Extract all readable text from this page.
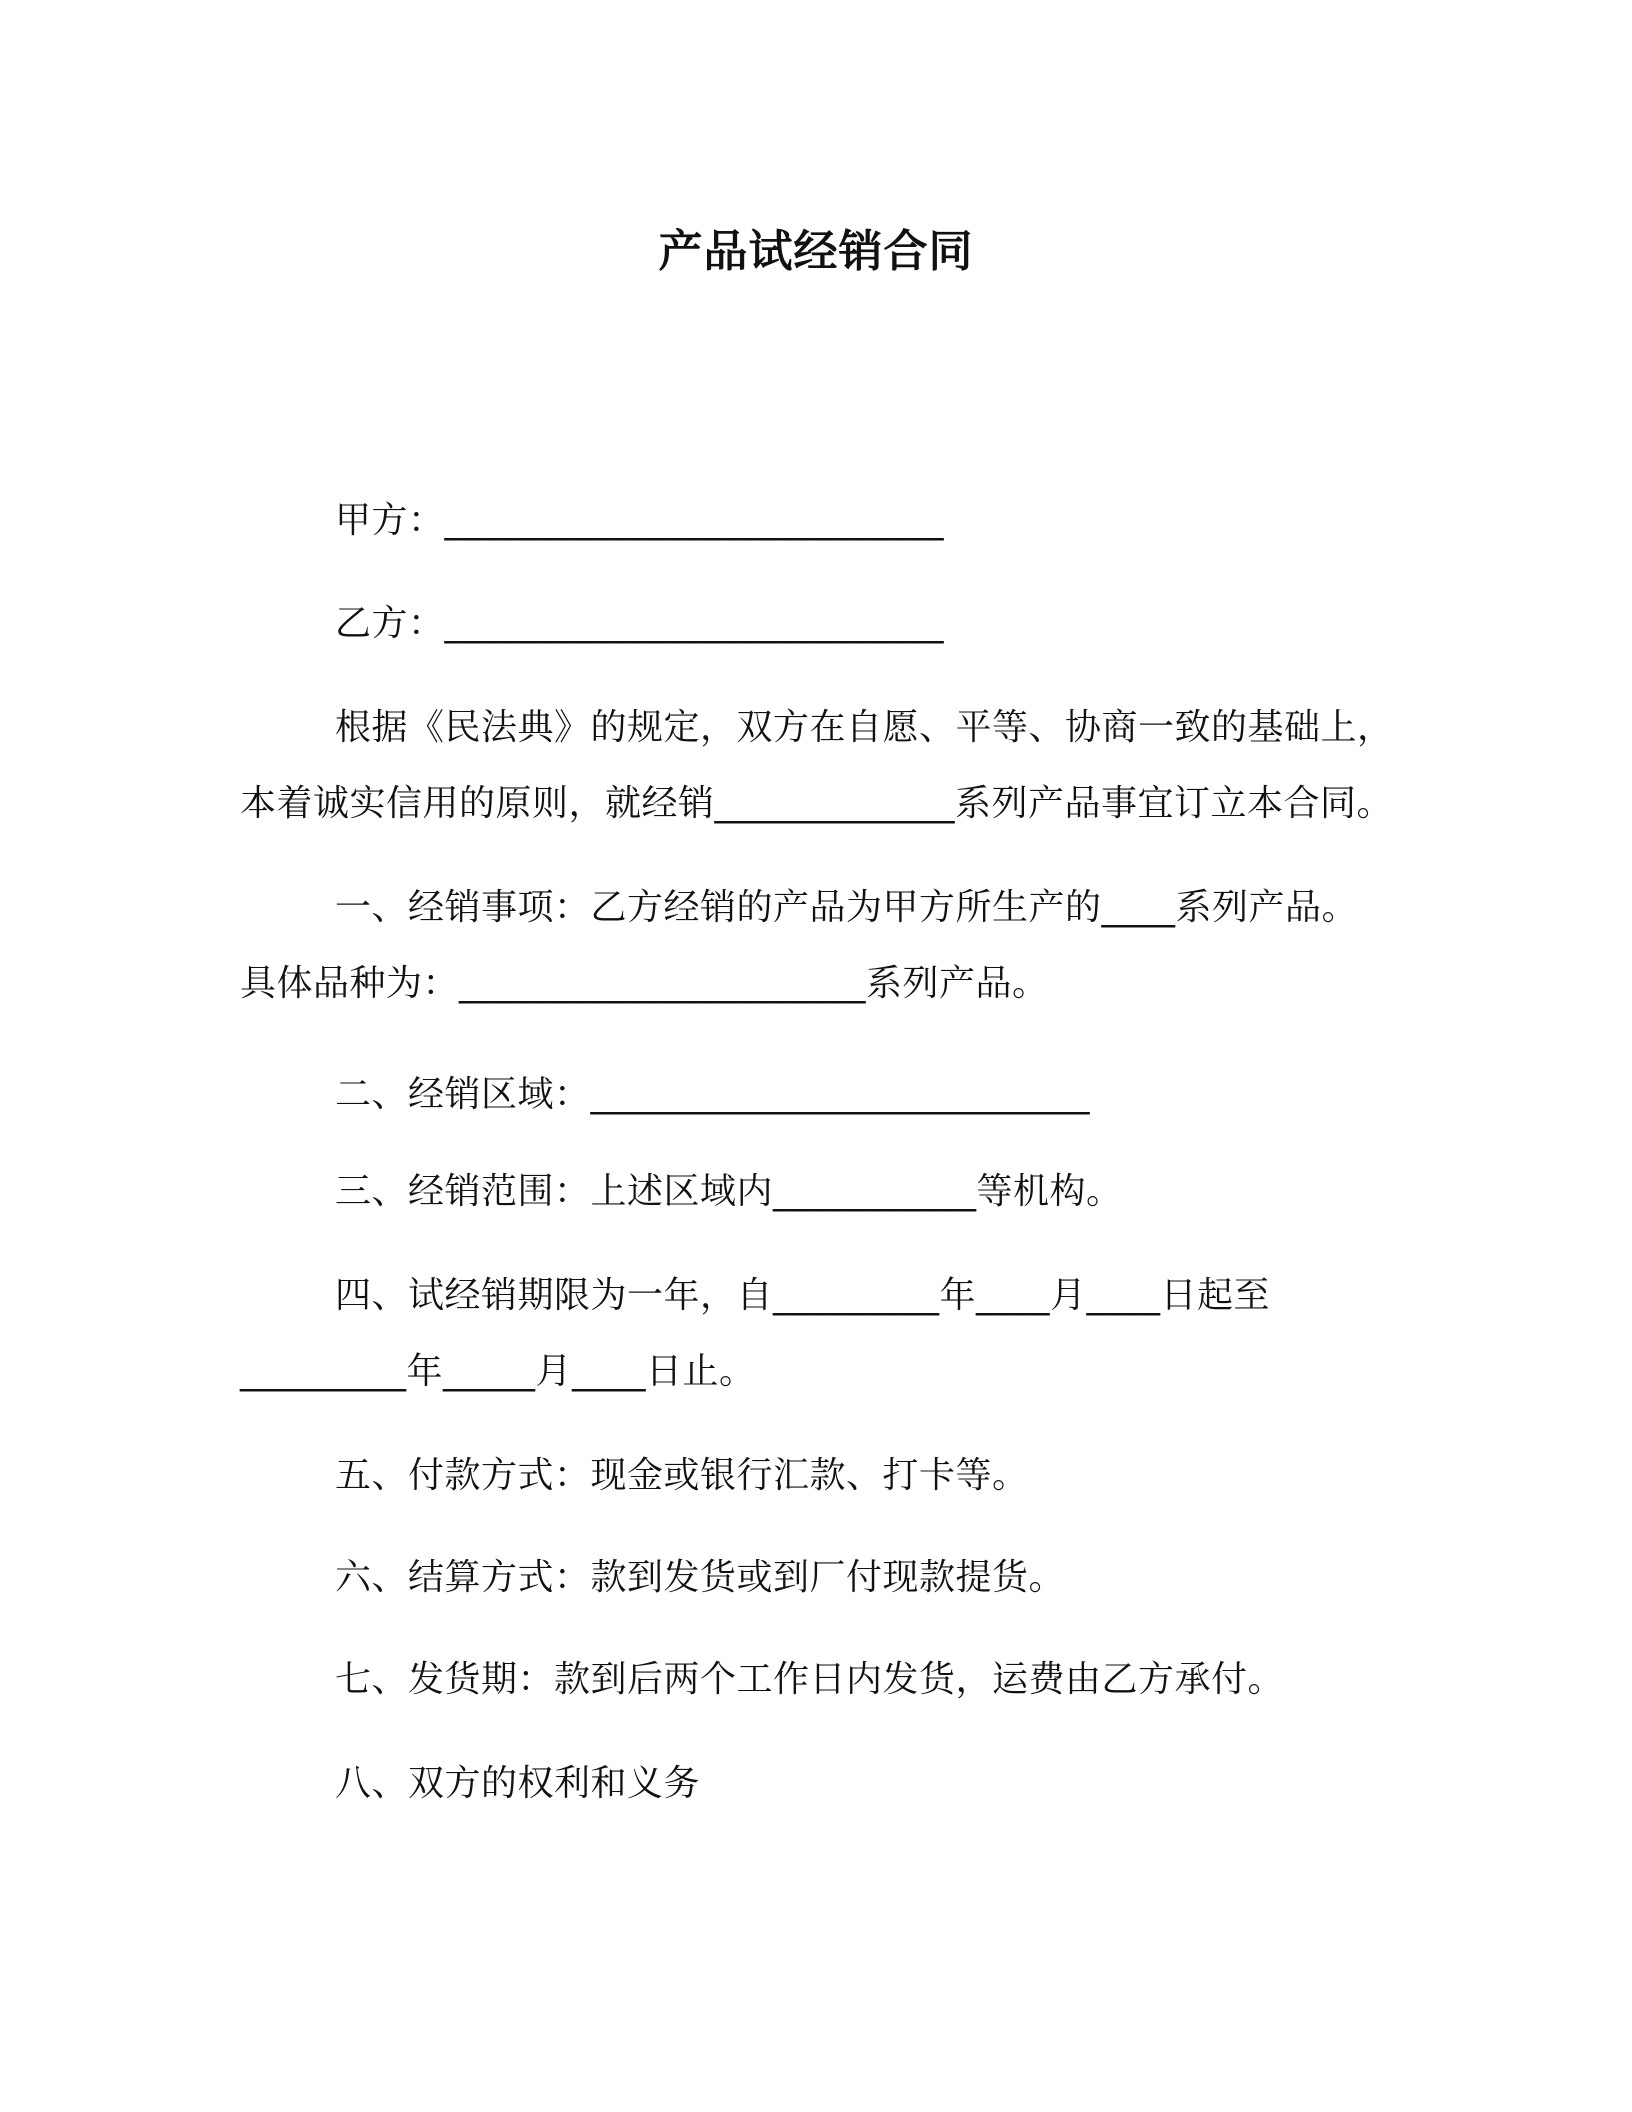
产品试经销合同
甲方：___________________________
乙方：___________________________
根据《民法典》的规定，双方在自愿、平等、协商一致的基础上，
本着诚实信用的原则，就经销_____________系列产品事宜订立本合同。
一、经销事项：乙方经销的产品为甲方所生产的____系列产品。
具体品种为：______________________系列产品。
二、经销区域：___________________________
三、经销范围：上述区域内___________等机构。
四、试经销期限为一年，自_________年____月____日起至
_________年_____月____日止。
五、付款方式：现金或银行汇款、打卡等。
六、结算方式：款到发货或到厂付现款提货。
七、发货期：款到后两个工作日内发货，运费由乙方承付。
八、双方的权利和义务
